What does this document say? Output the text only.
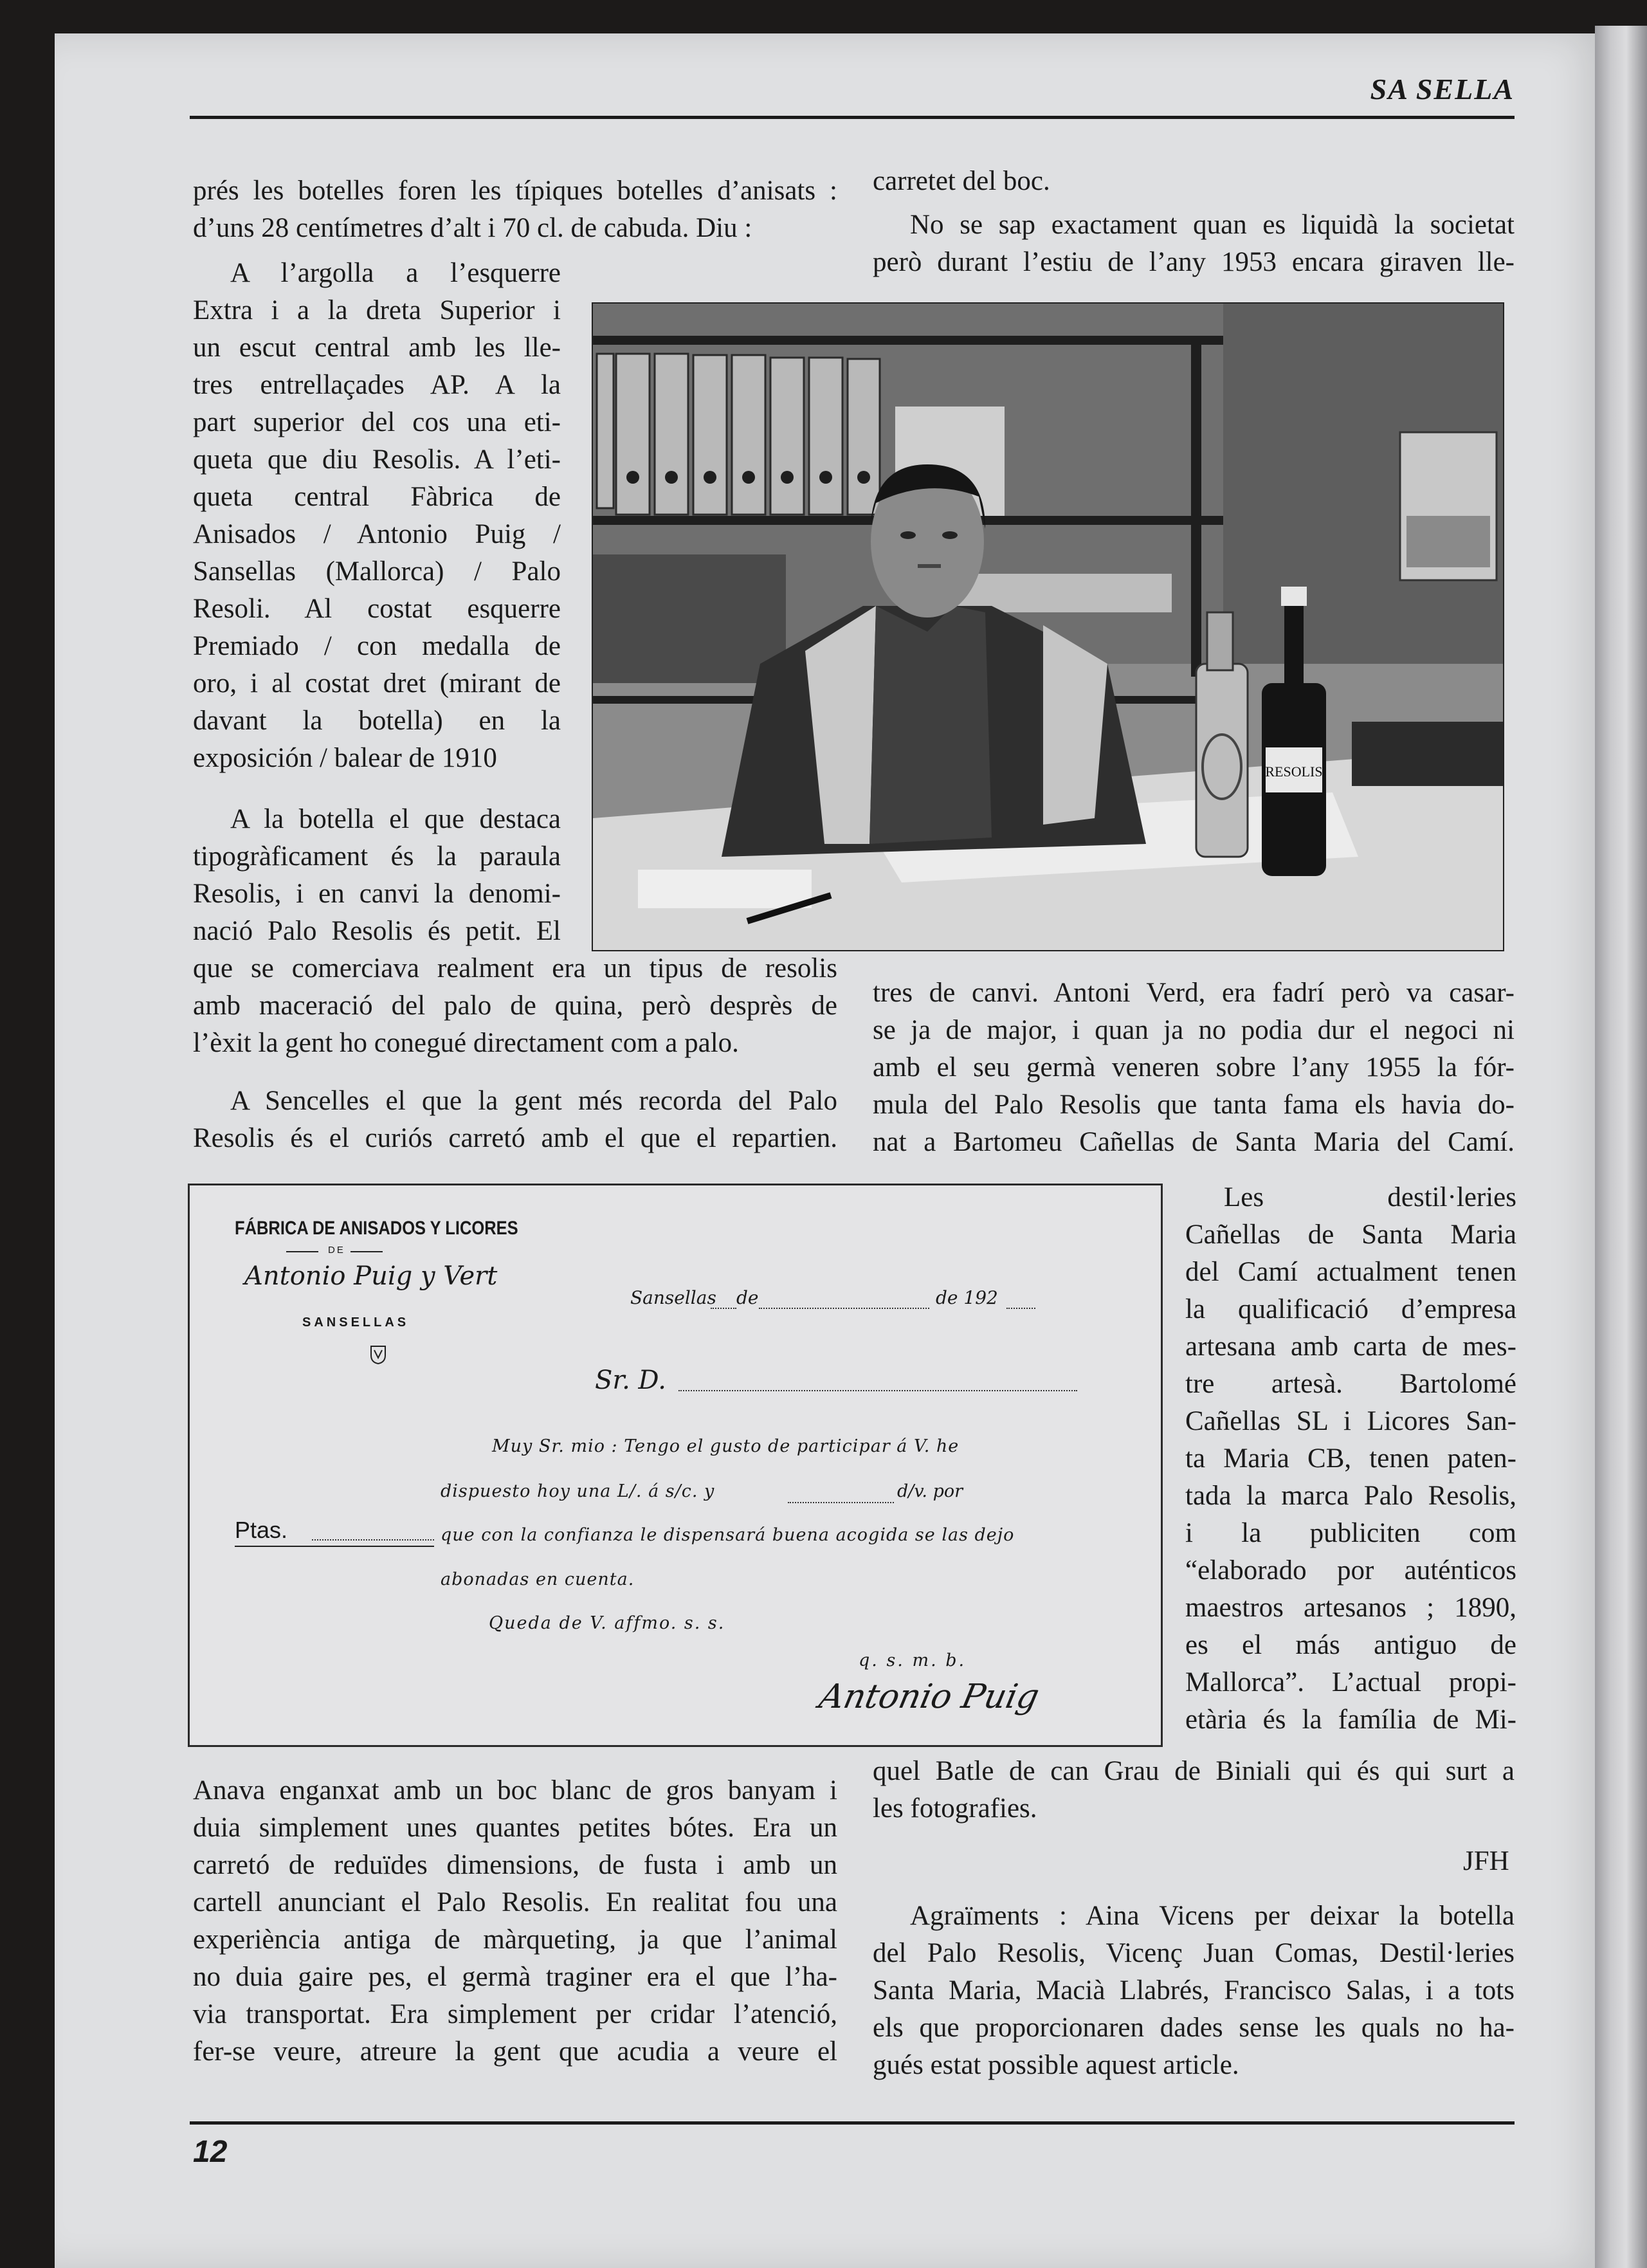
SA SELLA
prés les botelles foren les típiques botelles d’anisats :
d’uns 28 centímetres d’alt i 70 cl. de cabuda. Diu :
A l’argolla a l’esquerre
Extra i a la dreta Superior i
un escut central amb les lle-
tres entrellaçades AP. A la
part superior del cos una eti-
queta que diu Resolis. A l’eti-
queta central Fàbrica de
Anisados / Antonio Puig /
Sansellas (Mallorca) / Palo
Resoli. Al costat esquerre
Premiado / con medalla de
oro, i al costat dret (mirant de
davant la botella) en la
exposición / balear de 1910
A la botella el que destaca
tipogràficament és la paraula
Resolis, i en canvi la denomi-
nació Palo Resolis és petit. El
que se comerciava realment era un tipus de resolis
amb maceració del palo de quina, però desprès de
l’èxit la gent ho conegué directament com a palo.
A Sencelles el que la gent més recorda del Palo
Resolis és el curiós carretó amb el que el repartien.
RESOLIS
carretet del boc.
No se sap exactament quan es liquidà la societat
però durant l’estiu de l’any 1953 encara giraven lle-
tres de canvi. Antoni Verd, era fadrí però va casar-
se ja de major, i quan ja no podia dur el negoci ni
amb el seu germà veneren sobre l’any 1955 la fór-
mula del Palo Resolis que tanta fama els havia do-
nat a Bartomeu Cañellas de Santa Maria del Camí.
Les destil·leries
Cañellas de Santa Maria
del Camí actualment tenen
la qualificació d’empresa
artesana amb carta de mes-
tre artesà. Bartolomé
Cañellas SL i Licores San-
ta Maria CB, tenen paten-
tada la marca Palo Resolis,
i la publiciten com
“elaborado por auténticos
maestros artesanos ; 1890,
es el más antiguo de
Mallorca”. L’actual propi-
etària és la família de Mi-
quel Batle de can Grau de Biniali qui és qui surt a
les fotografies.
JFH
Agraïments : Aina Vicens per deixar la botella
del Palo Resolis, Vicenç Juan Comas, Destil·leries
Santa Maria, Macià Llabrés, Francisco Salas, i a tots
els que proporcionaren dades sense les quals no ha-
gués estat possible aquest article.
FÁBRICA DE ANISADOS Y LICORES
DE
Antonio Puig y Vert
SANSELLAS
Sansellas de	de 192
Sr. D.
Muy Sr. mio : Tengo el gusto de participar á V. he
dispuesto hoy una L/. á s/c. y	d/v. por
Ptas.	que con la confianza le dispensará buena acogida se las dejo
abonadas en cuenta.
Queda de V. affmo. s. s.
q. s. m. b.
Antonio Puig
12
Anava enganxat amb un boc blanc de gros banyam i
duia simplement unes quantes petites bótes. Era un
carretó de reduïdes dimensions, de fusta i amb un
cartell anunciant el Palo Resolis. En realitat fou una
experiència antiga de màrqueting, ja que l’animal
no duia gaire pes, el germà traginer era el que l’ha-
via transportat. Era simplement per cridar l’atenció,
fer-se veure, atreure la gent que acudia a veure el
